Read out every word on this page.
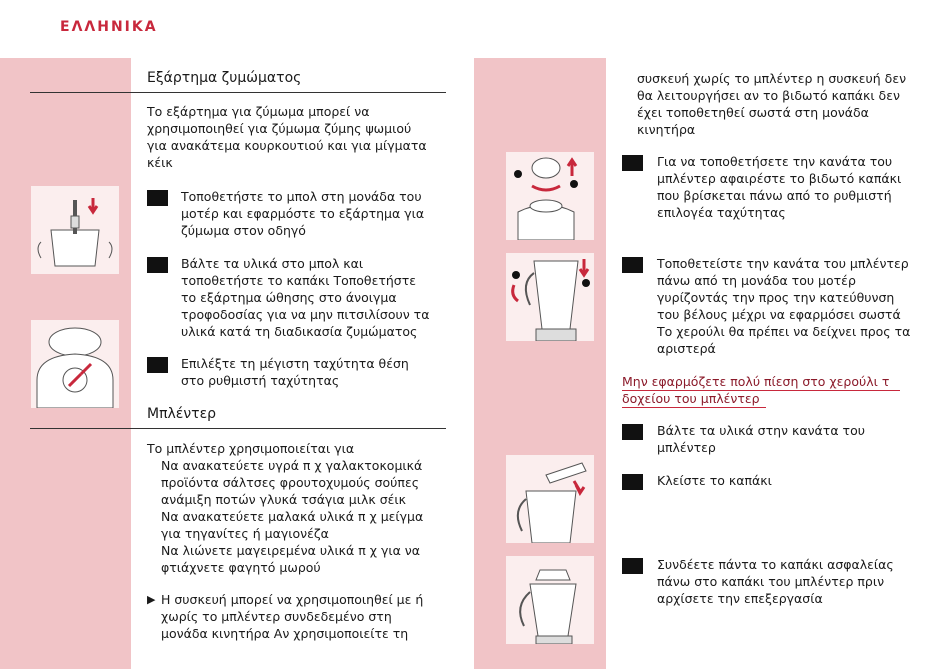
ΕΛΛΗΝΙΚΑ
Εξάρτημα ζυμώματος
Το εξάρτημα για ζύμωμα μπορεί να
χρησιμοποιηθεί για ζύμωμα ζύμης ψωμιού
για ανακάτεμα κουρκουτιού και για μίγματα
κέικ
Τοποθετήστε το μπολ στη μονάδα του
μοτέρ και εφαρμόστε το εξάρτημα για
ζύμωμα στον οδηγό
Βάλτε τα υλικά στο μπολ και
τοποθετήστε το καπάκι Τοποθετήστε
το εξάρτημα ώθησης στο άνοιγμα
τροφοδοσίας για να μην πιτσιλίσουν τα
υλικά κατά τη διαδικασία ζυμώματος
Επιλέξτε τη μέγιστη ταχύτητα θέση
στο ρυθμιστή ταχύτητας
Μπλέντερ
Το μπλέντερ χρησιμοποιείται για
Να ανακατεύετε υγρά π χ γαλακτοκομικά
προϊόντα σάλτσες φρουτοχυμούς σούπες
ανάμιξη ποτών γλυκά τσάγια μιλκ σέικ
Να ανακατεύετε μαλακά υλικά π χ μείγμα
για τηγανίτες ή μαγιονέζα
Να λιώνετε μαγειρεμένα υλικά π χ για να
φτιάχνετε φαγητό μωρού
▶ Η συσκευή μπορεί να χρησιμοποιηθεί με ή
χωρίς το μπλέντερ συνδεδεμένο στη
μονάδα κινητήρα Αν χρησιμοποιείτε τη
συσκευή χωρίς το μπλέντερ η συσκευή δεν
θα λειτουργήσει αν το βιδωτό καπάκι δεν
έχει τοποθετηθεί σωστά στη μονάδα
κινητήρα
Για να τοποθετήσετε την κανάτα του
μπλέντερ αφαιρέστε το βιδωτό καπάκι
που βρίσκεται πάνω από το ρυθμιστή
επιλογέα ταχύτητας
Τοποθετείστε την κανάτα του μπλέντερ
πάνω από τη μονάδα του μοτέρ
γυρίζοντάς την προς την κατεύθυνση
του βέλους μέχρι να εφαρμόσει σωστά
Το χερούλι θα πρέπει να δείχνει προς τα
αριστερά
Μην εφαρμόζετε πολύ πίεση στο χερούλι τ
δοχείου του μπλέντερ
Βάλτε τα υλικά στην κανάτα του
μπλέντερ
Κλείστε το καπάκι
Συνδέετε πάντα το καπάκι ασφαλείας
πάνω στο καπάκι του μπλέντερ πριν
αρχίσετε την επεξεργασία
